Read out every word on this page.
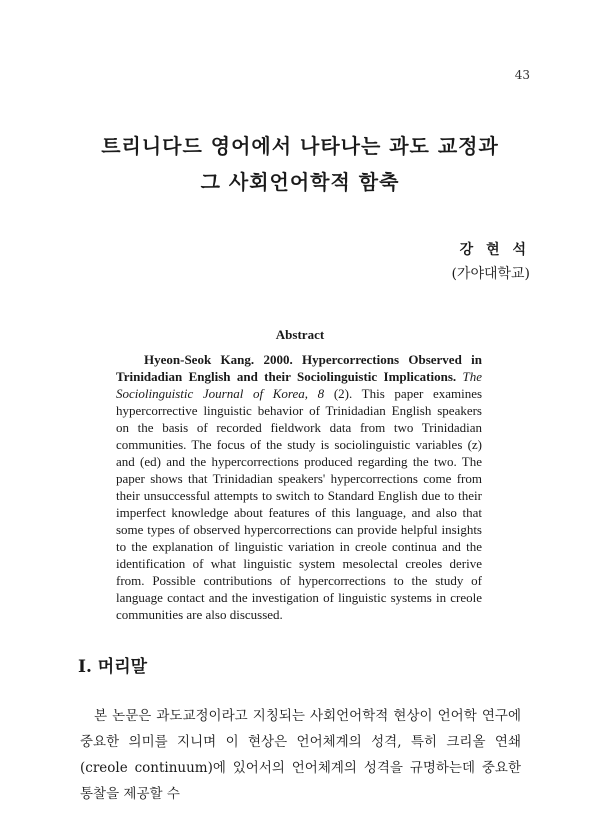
43
트리니다드 영어에서 나타나는 과도 교정과
그 사회언어학적 함축
강 현 석
(가야대학교)
Abstract

Hyeon-Seok Kang. 2000. Hypercorrections Observed in Trinidadian English and their Sociolinguistic Implications. The Sociolinguistic Journal of Korea, 8 (2). This paper examines hypercorrective linguistic behavior of Trinidadian English speakers on the basis of recorded fieldwork data from two Trinidadian communities. The focus of the study is sociolinguistic variables (z) and (ed) and the hypercorrections produced regarding the two. The paper shows that Trinidadian speakers' hypercorrections come from their unsuccessful attempts to switch to Standard English due to their imperfect knowledge about features of this language, and also that some types of observed hypercorrections can provide helpful insights to the explanation of linguistic variation in creole continua and the identification of what linguistic system mesolectal creoles derive from. Possible contributions of hypercorrections to the study of language contact and the investigation of linguistic systems in creole communities are also discussed.

I. 머리말

본 논문은 과도교정이라고 지칭되는 사회언어학적 현상이 언어학 연구에 중요한 의미를 지니며 이 현상은 언어체계의 성격, 특히 크리올 연쇄 (creole continuum)에 있어서의 언어체계의 성격을 규명하는데 중요한 통찰을 제공할 수
